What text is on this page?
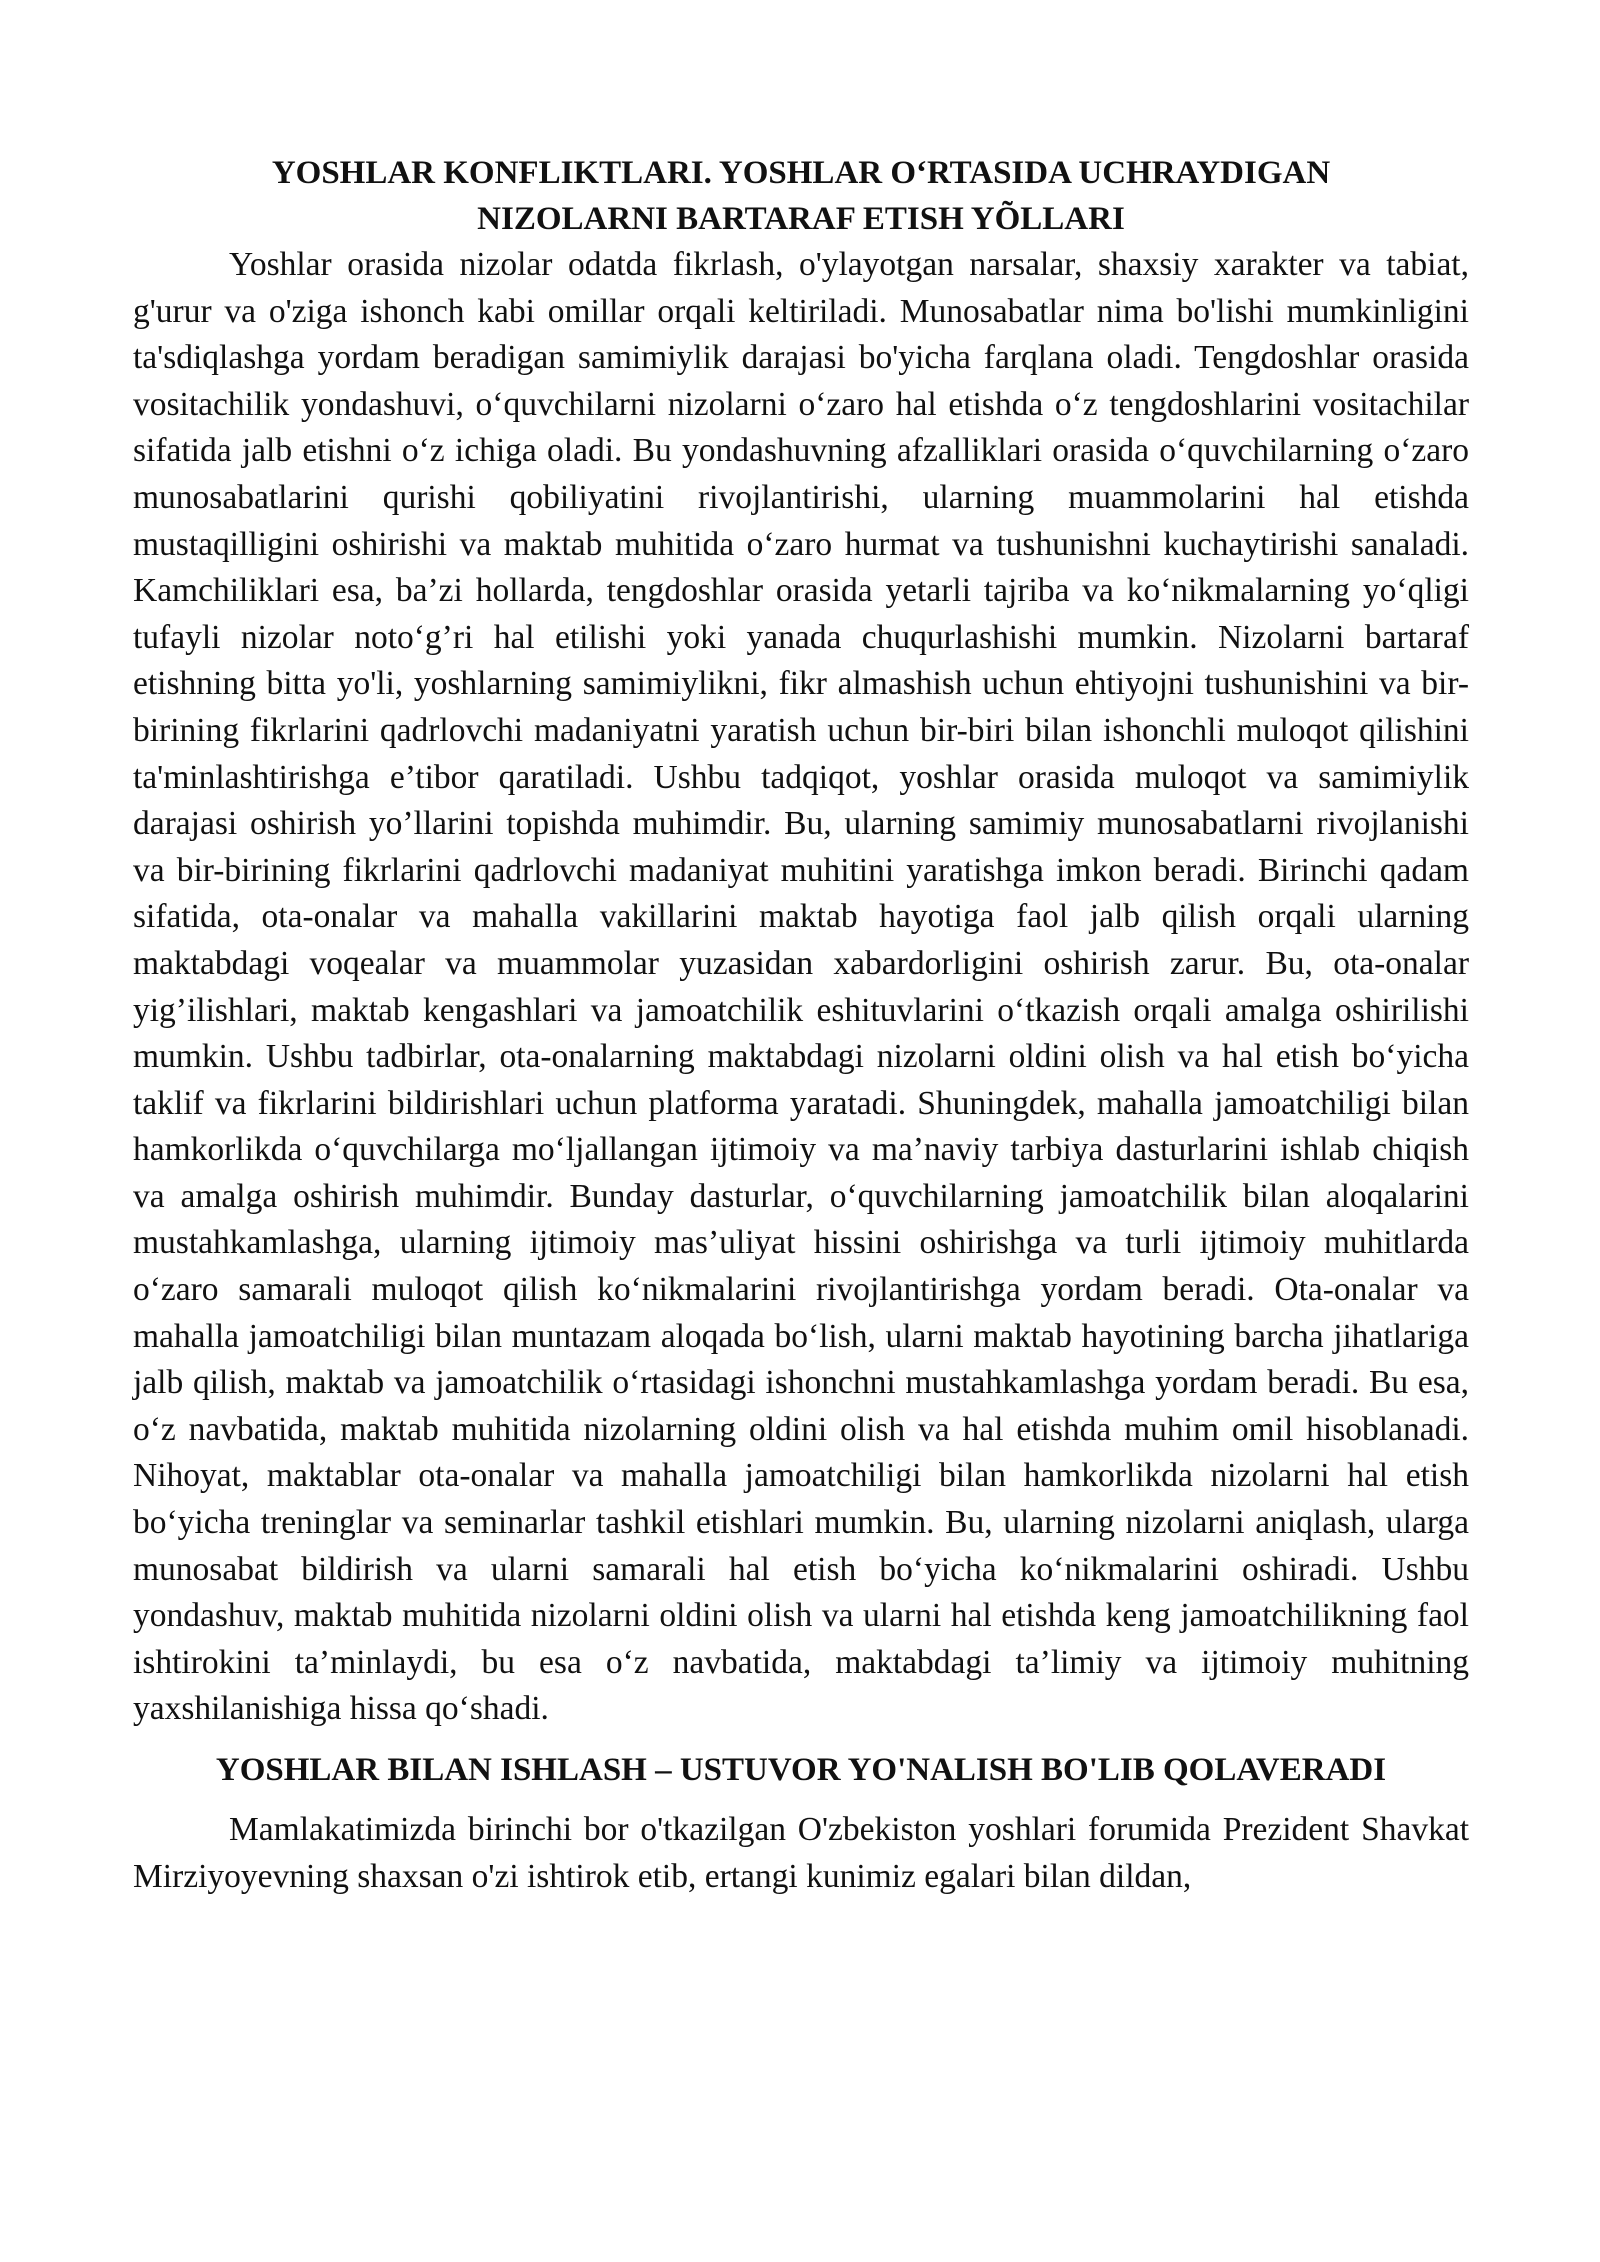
YOSHLAR KONFLIKTLARI. YOSHLAR O‘RTASIDA UCHRAYDIGAN
NIZOLARNI BARTARAF ETISH YÕLLARI

Yoshlar orasida nizolar odatda fikrlash, o'ylayotgan narsalar, shaxsiy xarakter va tabiat, g'urur va o'ziga ishonch kabi omillar orqali keltiriladi. Munosabatlar nima bo'lishi mumkinligini ta'sdiqlashga yordam beradigan samimiylik darajasi bo'yicha farqlana oladi. Tengdoshlar orasida vositachilik yondashuvi, o‘quvchilarni nizolarni o‘zaro hal etishda o‘z tengdoshlarini vositachilar sifatida jalb etishni o‘z ichiga oladi. Bu yondashuvning afzalliklari orasida o‘quvchilarning o‘zaro munosabatlarini qurishi qobiliyatini rivojlantirishi, ularning muammolarini hal etishda mustaqilligini oshirishi va maktab muhitida o‘zaro hurmat va tushunishni kuchaytirishi sanaladi. Kamchiliklari esa, ba’zi hollarda, tengdoshlar orasida yetarli tajriba va ko‘nikmalarning yo‘qligi tufayli nizolar noto‘g’ri hal etilishi yoki yanada chuqurlashishi mumkin. Nizolarni bartaraf etishning bitta yo'li, yoshlarning samimiylikni, fikr almashish uchun ehtiyojni tushunishini va bir-birining fikrlarini qadrlovchi madaniyatni yaratish uchun bir-biri bilan ishonchli muloqot qilishini ta'minlashtirishga e’tibor qaratiladi. Ushbu tadqiqot, yoshlar orasida muloqot va samimiylik darajasi oshirish yo’llarini topishda muhimdir. Bu, ularning samimiy munosabatlarni rivojlanishi va bir-birining fikrlarini qadrlovchi madaniyat muhitini yaratishga imkon beradi. Birinchi qadam sifatida, ota-onalar va mahalla vakillarini maktab hayotiga faol jalb qilish orqali ularning maktabdagi voqealar va muammolar yuzasidan xabardorligini oshirish zarur. Bu, ota-onalar yig’ilishlari, maktab kengashlari va jamoatchilik eshituvlarini o‘tkazish orqali amalga oshirilishi mumkin. Ushbu tadbirlar, ota-onalarning maktabdagi nizolarni oldini olish va hal etish bo‘yicha taklif va fikrlarini bildirishlari uchun platforma yaratadi. Shuningdek, mahalla jamoatchiligi bilan hamkorlikda o‘quvchilarga mo‘ljallangan ijtimoiy va ma’naviy tarbiya dasturlarini ishlab chiqish va amalga oshirish muhimdir. Bunday dasturlar, o‘quvchilarning jamoatchilik bilan aloqalarini mustahkamlashga, ularning ijtimoiy mas’uliyat hissini oshirishga va turli ijtimoiy muhitlarda o‘zaro samarali muloqot qilish ko‘nikmalarini rivojlantirishga yordam beradi. Ota-onalar va mahalla jamoatchiligi bilan muntazam aloqada bo‘lish, ularni maktab hayotining barcha jihatlariga jalb qilish, maktab va jamoatchilik o‘rtasidagi ishonchni mustahkamlashga yordam beradi. Bu esa, o‘z navbatida, maktab muhitida nizolarning oldini olish va hal etishda muhim omil hisoblanadi. Nihoyat, maktablar ota-onalar va mahalla jamoatchiligi bilan hamkorlikda nizolarni hal etish bo‘yicha treninglar va seminarlar tashkil etishlari mumkin. Bu, ularning nizolarni aniqlash, ularga munosabat bildirish va ularni samarali hal etish bo‘yicha ko‘nikmalarini oshiradi. Ushbu yondashuv, maktab muhitida nizolarni oldini olish va ularni hal etishda keng jamoatchilikning faol ishtirokini ta’minlaydi, bu esa o‘z navbatida, maktabdagi ta’limiy va ijtimoiy muhitning yaxshilanishiga hissa qo‘shadi.

YOSHLAR BILAN ISHLASH – USTUVOR YO'NALISH BO'LIB QOLAVERADI

Mamlakatimizda birinchi bor o'tkazilgan O'zbekiston yoshlari forumida Prezident Shavkat Mirziyoyevning shaxsan o'zi ishtirok etib, ertangi kunimiz egalari bilan dildan,
